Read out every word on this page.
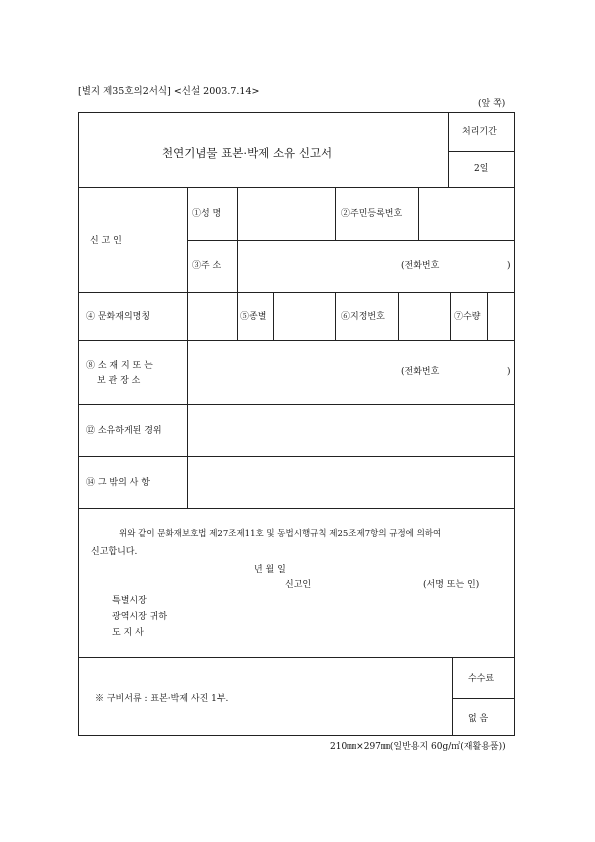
[별지 제35호의2서식] <신설 2003.7.14>
(앞 쪽)
천연기념물 표본·박제 소유 신고서
처리기간
2일
신 고 인
①성 명	②주민등록번호
③주 소	(전화번호	)
④ 문화재의명칭	⑤종별	⑥지정번호	⑦수량
⑧ 소 재 지 또 는
보 관 장 소
(전화번호	)
⑫ 소유하게된 경위
⑭ 그 밖의 사 항
위와 같이 문화재보호법 제27조제11호 및 동법시행규칙 제25조제7항의 규정에 의하여
신고합니다.
년 월 일
신고인	(서명 또는 인)
특별시장
광역시장 귀하
도 지 사
※ 구비서류 : 표본·박제 사진 1부.
수수료
없 음
210㎜×297㎜(일반용지 60g/㎡(재활용품))
